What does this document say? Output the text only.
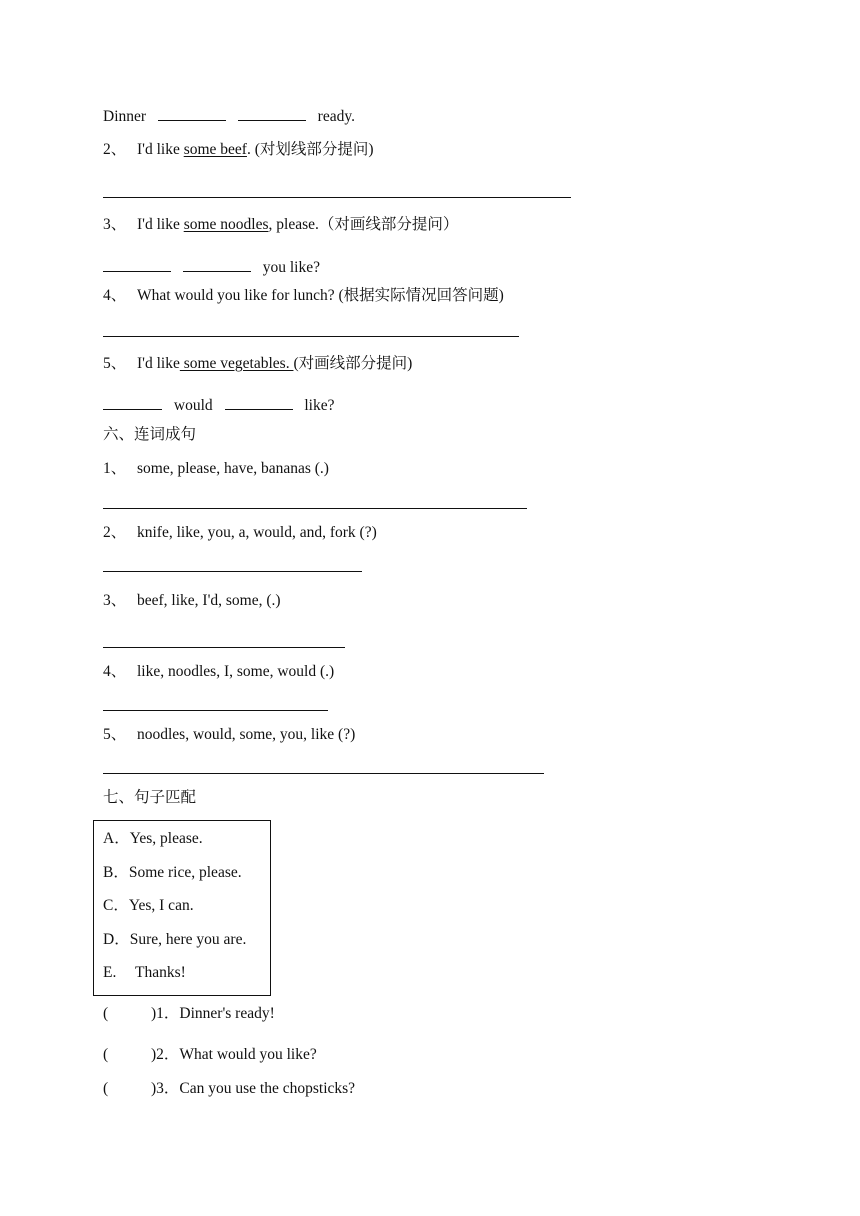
Dinner	ready.
2、 I'd like some beef. (对划线部分提问)
3、 I'd like some noodles, please.（对画线部分提问）
you like?
4、 What would you like for lunch? (根据实际情况回答问题)
5、 I'd like some vegetables. (对画线部分提问)
would	like?
六、连词成句
1、 some, please, have, bananas (.)
2、 knife, like, you, a, would, and, fork (?)
3、 beef, like, I'd, some, (.)
4、 like, noodles, I, some, would (.)
5、 noodles, would, some, you, like (?)
七、句子匹配
A．Yes, please.
B．Some rice, please.
C．Yes, I can.
D．Sure, here you are.
E. Thanks!
(	)1．Dinner's ready!
(	)2．What would you like?
(	)3．Can you use the chopsticks?
